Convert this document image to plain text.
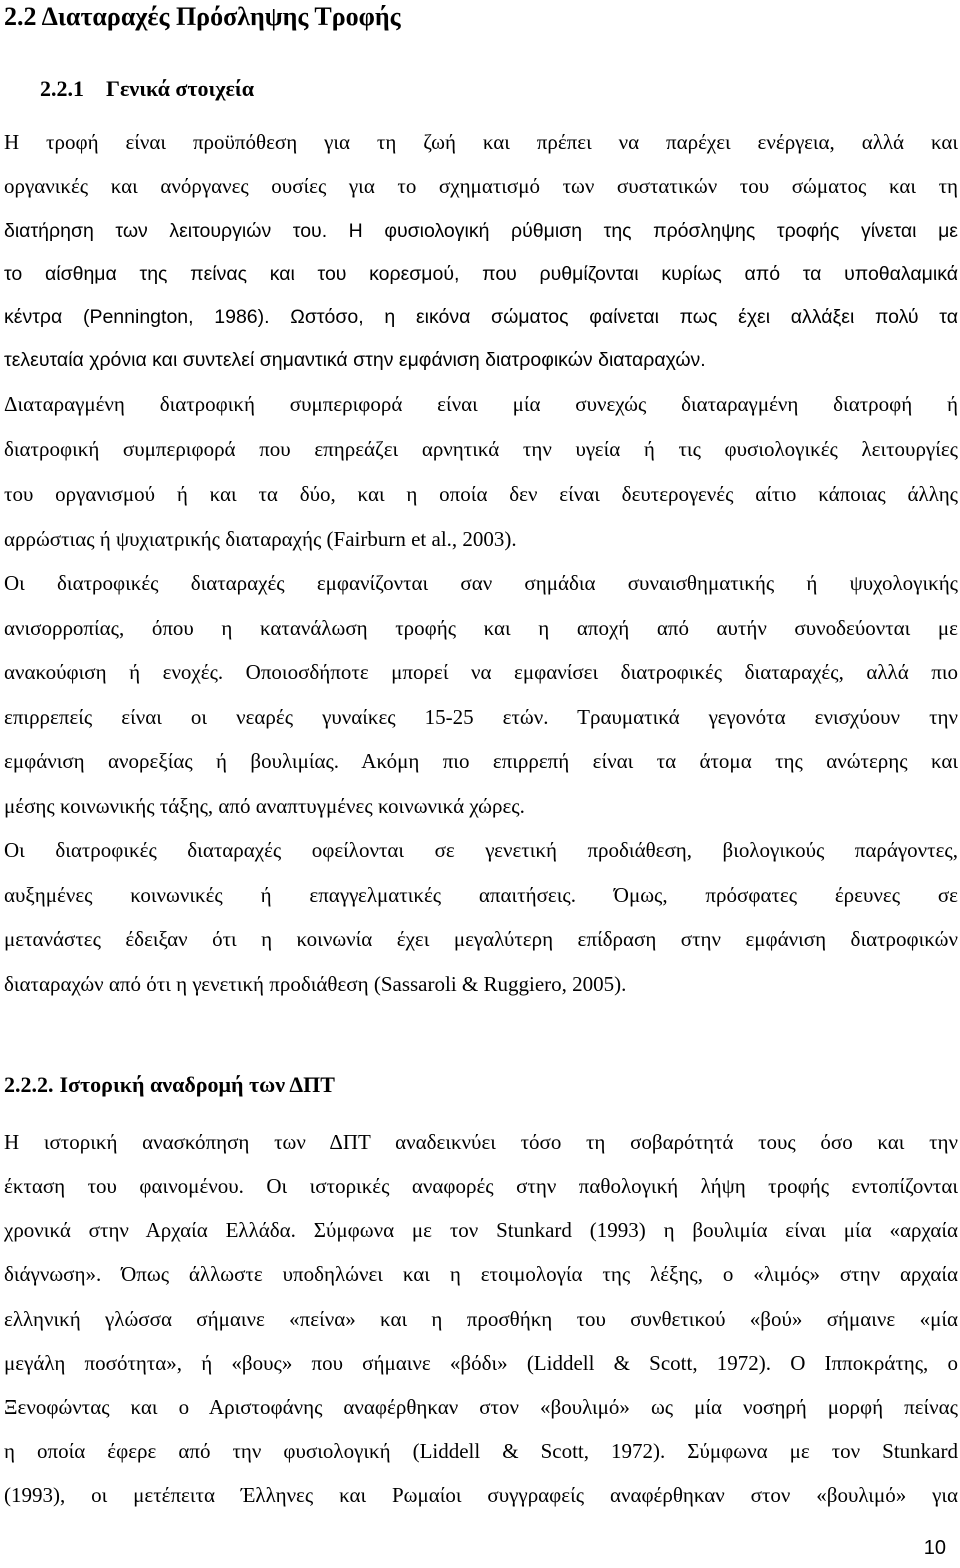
2.2 Διαταραχές Πρόσληψης Τροφής
2.2.1 Γενικά στοιχεία
Η τροφή είναι προϋπόθεση για τη ζωή και πρέπει να παρέχει ενέργεια, αλλά και
οργανικές και ανόργανες ουσίες για το σχηματισμό των συστατικών του σώματος και τη
διατήρηση των λειτουργιών του. Η φυσιολογική ρύθμιση της πρόσληψης τροφής γίνεται με
το αίσθημα της πείνας και του κορεσμού, που ρυθμίζονται κυρίως από τα υποθαλαμικά
κέντρα (Pennington, 1986). Ωστόσο, η εικόνα σώματος φαίνεται πως έχει αλλάξει πολύ τα
τελευταία χρόνια και συντελεί σημαντικά στην εμφάνιση διατροφικών διαταραχών.
Διαταραγμένη διατροφική συμπεριφορά είναι μία συνεχώς διαταραγμένη διατροφή ή
διατροφική συμπεριφορά που επηρεάζει αρνητικά την υγεία ή τις φυσιολογικές λειτουργίες
του οργανισμού ή και τα δύο, και η οποία δεν είναι δευτερογενές αίτιο κάποιας άλλης
αρρώστιας ή ψυχιατρικής διαταραχής (Fairburn et al., 2003).
Οι διατροφικές διαταραχές εμφανίζονται σαν σημάδια συναισθηματικής ή ψυχολογικής
ανισορροπίας, όπου η κατανάλωση τροφής και η αποχή από αυτήν συνοδεύονται με
ανακούφιση ή ενοχές. Οποιοσδήποτε μπορεί να εμφανίσει διατροφικές διαταραχές, αλλά πιο
επιρρεπείς είναι οι νεαρές γυναίκες 15-25 ετών. Τραυματικά γεγονότα ενισχύουν την
εμφάνιση ανορεξίας ή βουλιμίας. Ακόμη πιο επιρρεπή είναι τα άτομα της ανώτερης και
μέσης κοινωνικής τάξης, από αναπτυγμένες κοινωνικά χώρες.
Οι διατροφικές διαταραχές οφείλονται σε γενετική προδιάθεση, βιολογικούς παράγοντες,
αυξημένες κοινωνικές ή επαγγελματικές απαιτήσεις. Όμως, πρόσφατες έρευνες σε
μετανάστες έδειξαν ότι η κοινωνία έχει μεγαλύτερη επίδραση στην εμφάνιση διατροφικών
διαταραχών από ότι η γενετική προδιάθεση (Sassaroli & Ruggiero, 2005).
2.2.2. Ιστορική αναδρομή των ΔΠΤ
Η ιστορική ανασκόπηση των ΔΠΤ αναδεικνύει τόσο τη σοβαρότητά τους όσο και την
έκταση του φαινομένου. Οι ιστορικές αναφορές στην παθολογική λήψη τροφής εντοπίζονται
χρονικά στην Αρχαία Ελλάδα. Σύμφωνα με τον Stunkard (1993) η βουλιμία είναι μία «αρχαία
διάγνωση». Όπως άλλωστε υποδηλώνει και η ετοιμολογία της λέξης, ο «λιμός» στην αρχαία
ελληνική γλώσσα σήμαινε «πείνα» και η προσθήκη του συνθετικού «βού» σήμαινε «μία
μεγάλη ποσότητα», ή «βους» που σήμαινε «βόδι» (Liddell & Scott, 1972). Ο Ιπποκράτης, ο
Ξενοφώντας και ο Αριστοφάνης αναφέρθηκαν στον «βουλιμό» ως μία νοσηρή μορφή πείνας
η οποία έφερε από την φυσιολογική (Liddell & Scott, 1972). Σύμφωνα με τον Stunkard
(1993), οι μετέπειτα Έλληνες και Ρωμαίοι συγγραφείς αναφέρθηκαν στον «βουλιμό» για
10
